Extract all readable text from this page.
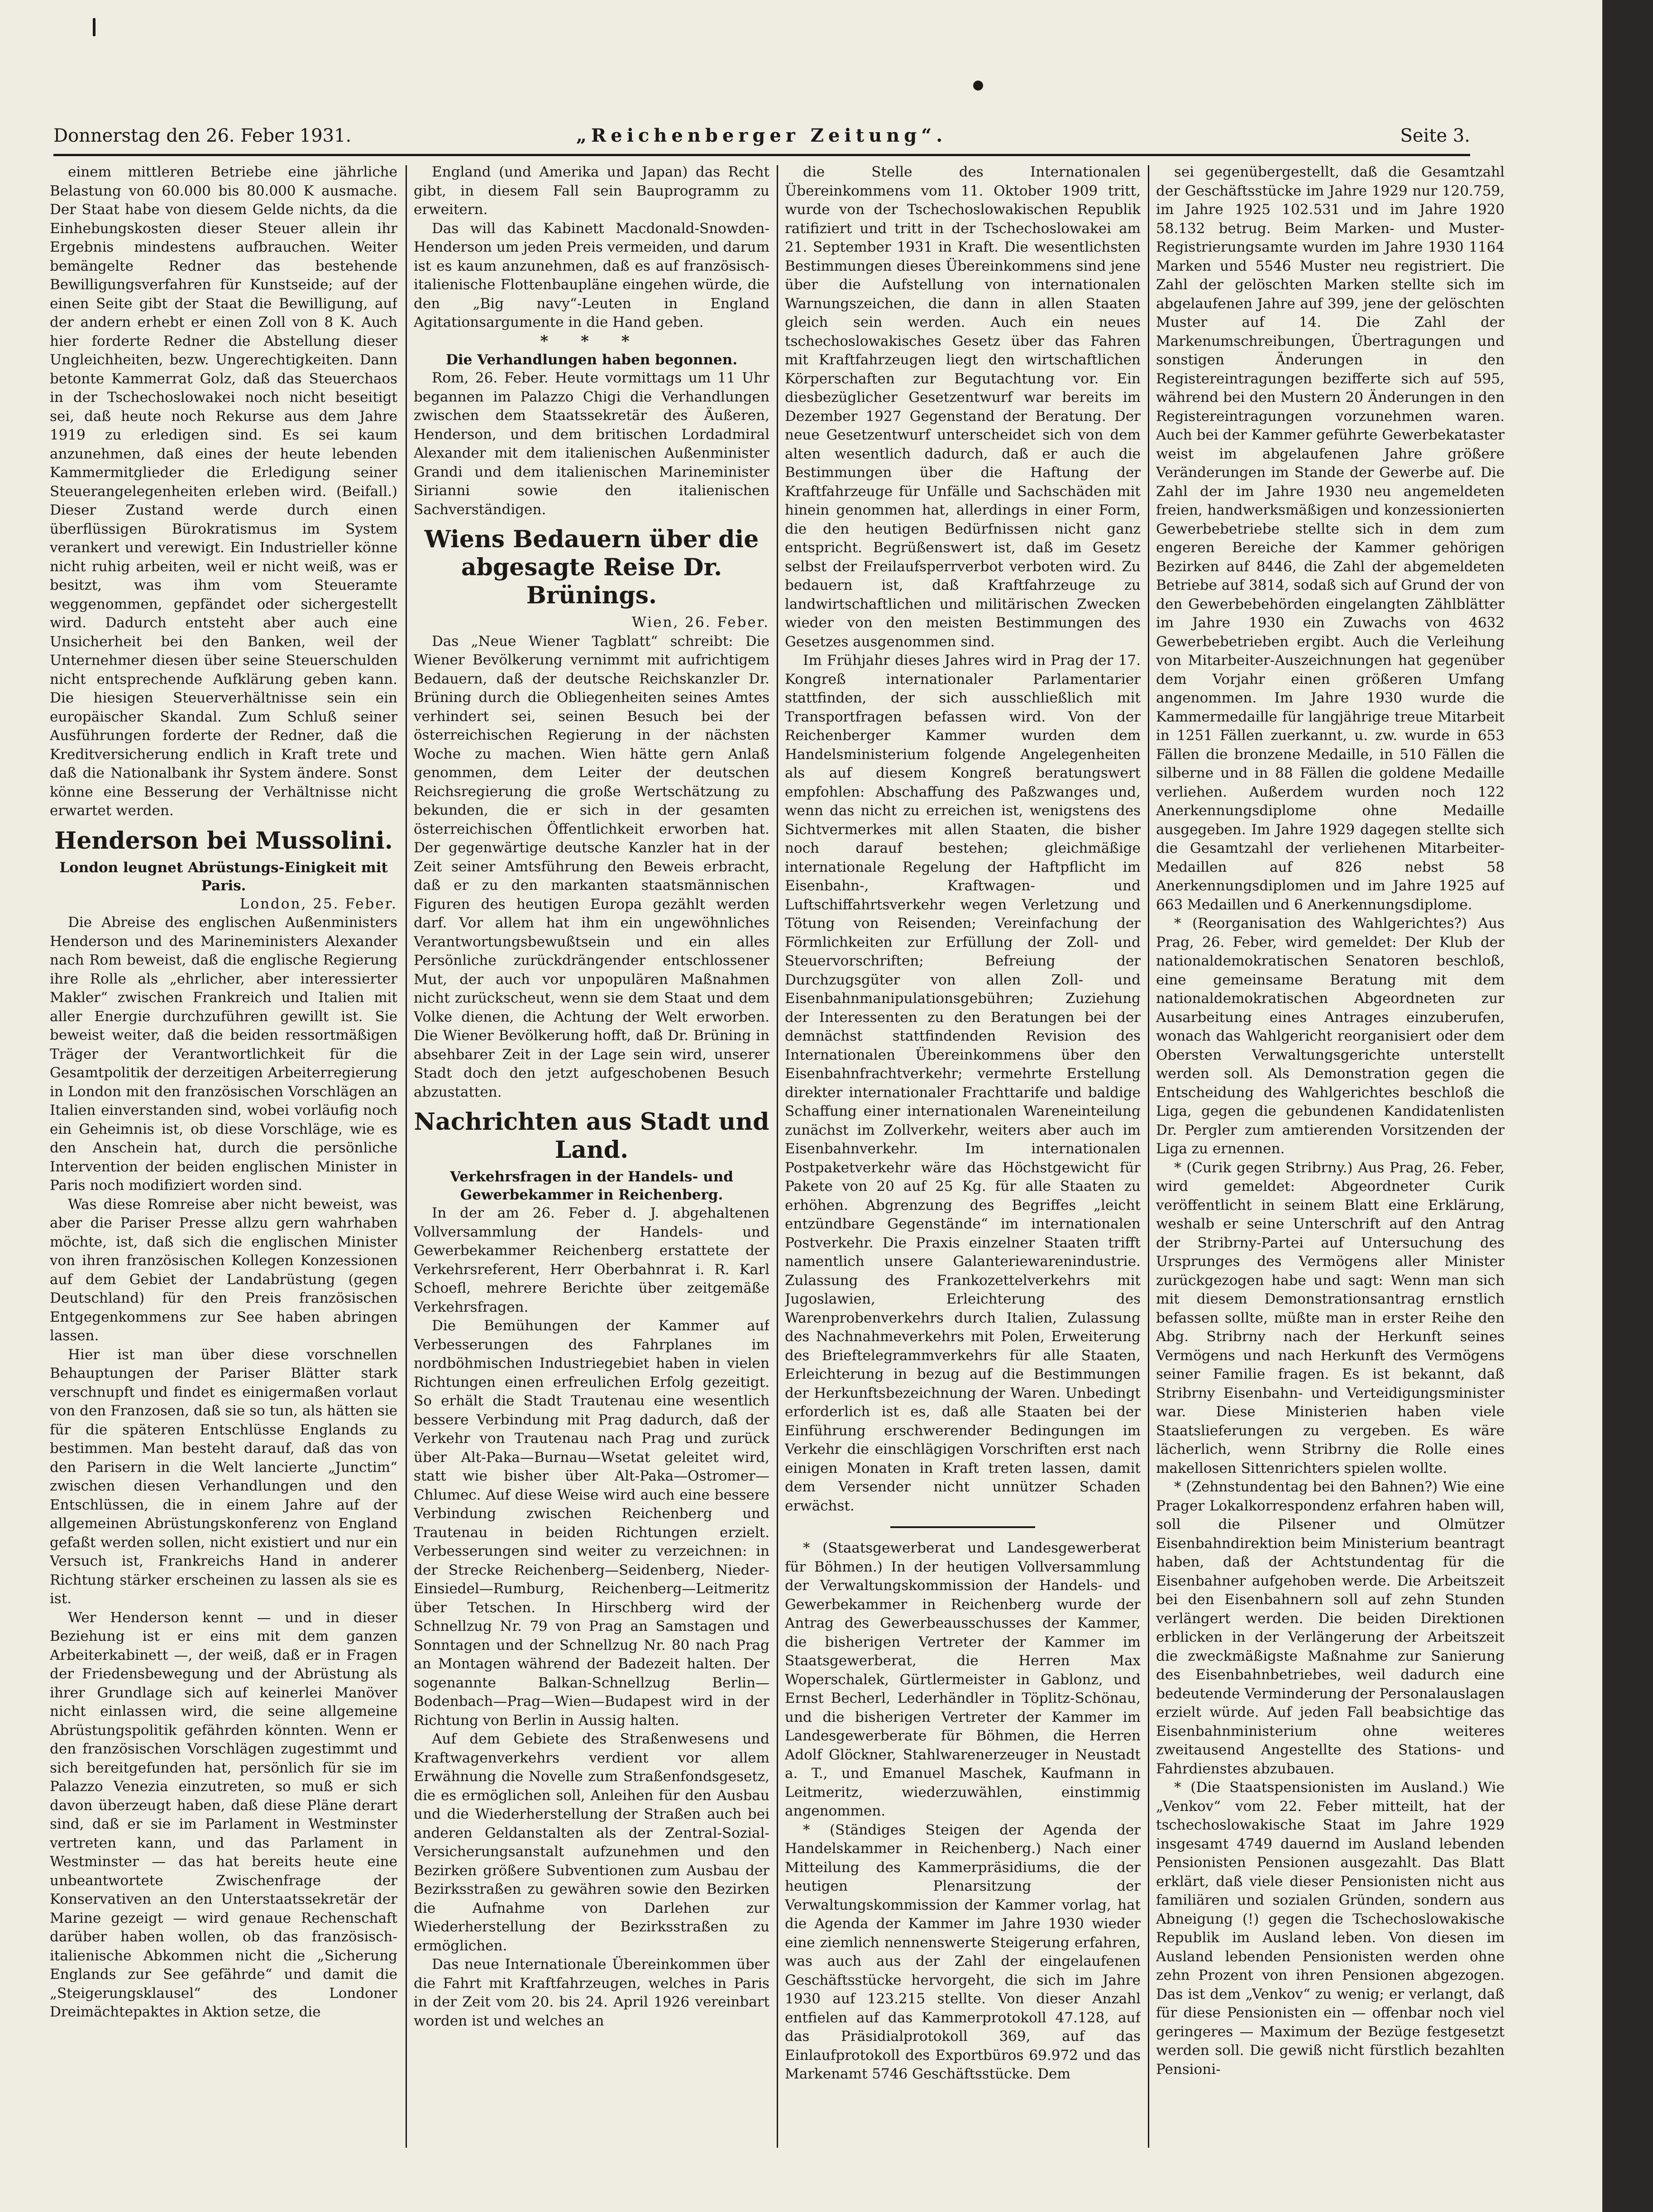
Donnerstag den 26. Feber 1931.	„Reichenberger Zeitung“.	Seite 3.

einem mittleren Betriebe eine jährliche Belastung von 60.000 bis 80.000 K ausmache. Der Staat habe von diesem Gelde nichts, da die Einhebungskosten dieser Steuer allein ihr Ergebnis mindestens aufbrauchen. Weiter bemängelte Redner das bestehende Bewilligungsverfahren für Kunstseide; auf der einen Seite gibt der Staat die Bewilligung, auf der andern erhebt er einen Zoll von 8 K. Auch hier forderte Redner die Abstellung dieser Ungleichheiten, bezw. Ungerechtigkeiten. Dann betonte Kammerrat Golz, daß das Steuerchaos in der Tschechoslowakei noch nicht beseitigt sei, daß heute noch Rekurse aus dem Jahre 1919 zu erledigen sind. Es sei kaum anzunehmen, daß eines der heute lebenden Kammermitglieder die Erledigung seiner Steuerangelegenheiten erleben wird. (Beifall.) Dieser Zustand werde durch einen überflüssigen Bürokratismus im System verankert und verewigt. Ein Industrieller könne nicht ruhig arbeiten, weil er nicht weiß, was er besitzt, was ihm vom Steueramte weggenommen, gepfändet oder sichergestellt wird. Dadurch entsteht aber auch eine Unsicherheit bei den Banken, weil der Unternehmer diesen über seine Steuerschulden nicht entsprechende Aufklärung geben kann. Die hiesigen Steuerverhältnisse sein ein europäischer Skandal. Zum Schluß seiner Ausführungen forderte der Redner, daß die Kreditversicherung endlich in Kraft trete und daß die Nationalbank ihr System ändere. Sonst könne eine Besserung der Verhältnisse nicht erwartet werden.

Henderson bei Mussolini.

London leugnet Abrüstungs-Einigkeit mit Paris.

London, 25. Feber.

Die Abreise des englischen Außenministers Henderson und des Marineministers Alexander nach Rom beweist, daß die englische Regierung ihre Rolle als „ehrlicher, aber interessierter Makler“ zwischen Frankreich und Italien mit aller Energie durchzuführen gewillt ist. Sie beweist weiter, daß die beiden ressortmäßigen Träger der Verantwortlichkeit für die Gesamtpolitik der derzeitigen Arbeiterregierung in London mit den französischen Vorschlägen an Italien einverstanden sind, wobei vorläufig noch ein Geheimnis ist, ob diese Vorschläge, wie es den Anschein hat, durch die persönliche Intervention der beiden englischen Minister in Paris noch modifiziert worden sind.

Was diese Romreise aber nicht beweist, was aber die Pariser Presse allzu gern wahrhaben möchte, ist, daß sich die englischen Minister von ihren französischen Kollegen Konzessionen auf dem Gebiet der Landabrüstung (gegen Deutschland) für den Preis französischen Entgegenkommens zur See haben abringen lassen.

Hier ist man über diese vorschnellen Behauptungen der Pariser Blätter stark verschnupft und findet es einigermaßen vorlaut von den Franzosen, daß sie so tun, als hätten sie für die späteren Entschlüsse Englands zu bestimmen. Man besteht darauf, daß das von den Parisern in die Welt lancierte „Junctim“ zwischen diesen Verhandlungen und den Entschlüssen, die in einem Jahre auf der allgemeinen Abrüstungskonferenz von England gefaßt werden sollen, nicht existiert und nur ein Versuch ist, Frankreichs Hand in anderer Richtung stärker erscheinen zu lassen als sie es ist.

Wer Henderson kennt — und in dieser Beziehung ist er eins mit dem ganzen Arbeiterkabinett —, der weiß, daß er in Fragen der Friedensbewegung und der Abrüstung als ihrer Grundlage sich auf keinerlei Manöver nicht einlassen wird, die seine allgemeine Abrüstungspolitik gefährden könnten. Wenn er den französischen Vorschlägen zugestimmt und sich bereitgefunden hat, persönlich für sie im Palazzo Venezia einzutreten, so muß er sich davon überzeugt haben, daß diese Pläne derart sind, daß er sie im Parlament in Westminster vertreten kann, und das Parlament in Westminster — das hat bereits heute eine unbeantwortete Zwischenfrage der Konservativen an den Unterstaatssekretär der Marine gezeigt — wird genaue Rechenschaft darüber haben wollen, ob das französisch-italienische Abkommen nicht die „Sicherung Englands zur See gefährde“ und damit die „Steigerungsklausel“ des Londoner Dreimächtepaktes in Aktion setze, die

England (und Amerika und Japan) das Recht gibt, in diesem Fall sein Bauprogramm zu erweitern.

Das will das Kabinett Macdonald-Snowden-Henderson um jeden Preis vermeiden, und darum ist es kaum anzunehmen, daß es auf französisch-italienische Flottenbaupläne eingehen würde, die den „Big navy“-Leuten in England Agitationsargumente in die Hand geben.

* * *

Die Verhandlungen haben begonnen.

Rom, 26. Feber. Heute vormittags um 11 Uhr begannen im Palazzo Chigi die Verhandlungen zwischen dem Staatssekretär des Äußeren, Henderson, und dem britischen Lordadmiral Alexander mit dem italienischen Außenminister Grandi und dem italienischen Marineminister Sirianni sowie den italienischen Sachverständigen.

Wiens Bedauern über die abgesagte Reise Dr. Brünings.

Wien, 26. Feber.

Das „Neue Wiener Tagblatt“ schreibt: Die Wiener Bevölkerung vernimmt mit aufrichtigem Bedauern, daß der deutsche Reichskanzler Dr. Brüning durch die Obliegenheiten seines Amtes verhindert sei, seinen Besuch bei der österreichischen Regierung in der nächsten Woche zu machen. Wien hätte gern Anlaß genommen, dem Leiter der deutschen Reichsregierung die große Wertschätzung zu bekunden, die er sich in der gesamten österreichischen Öffentlichkeit erworben hat. Der gegenwärtige deutsche Kanzler hat in der Zeit seiner Amtsführung den Beweis erbracht, daß er zu den markanten staatsmännischen Figuren des heutigen Europa gezählt werden darf. Vor allem hat ihm ein ungewöhnliches Verantwortungsbewußtsein und ein alles Persönliche zurückdrängender entschlossener Mut, der auch vor unpopulären Maßnahmen nicht zurückscheut, wenn sie dem Staat und dem Volke dienen, die Achtung der Welt erworben. Die Wiener Bevölkerung hofft, daß Dr. Brüning in absehbarer Zeit in der Lage sein wird, unserer Stadt doch den jetzt aufgeschobenen Besuch abzustatten.

Nachrichten aus Stadt und Land.

Verkehrsfragen in der Handels- und Gewerbekammer in Reichenberg.

In der am 26. Feber d. J. abgehaltenen Vollversammlung der Handels- und Gewerbekammer Reichenberg erstattete der Verkehrsreferent, Herr Oberbahnrat i. R. Karl Schoefl, mehrere Berichte über zeitgemäße Verkehrsfragen.

Die Bemühungen der Kammer auf Verbesserungen des Fahrplanes im nordböhmischen Industriegebiet haben in vielen Richtungen einen erfreulichen Erfolg gezeitigt. So erhält die Stadt Trautenau eine wesentlich bessere Verbindung mit Prag dadurch, daß der Verkehr von Trautenau nach Prag und zurück über Alt-Paka—Burnau—Wsetat geleitet wird, statt wie bisher über Alt-Paka—Ostromer—Chlumec. Auf diese Weise wird auch eine bessere Verbindung zwischen Reichenberg und Trautenau in beiden Richtungen erzielt. Verbesserungen sind weiter zu verzeichnen: in der Strecke Reichenberg—Seidenberg, Nieder-Einsiedel—Rumburg, Reichenberg—Leitmeritz über Tetschen. In Hirschberg wird der Schnellzug Nr. 79 von Prag an Samstagen und Sonntagen und der Schnellzug Nr. 80 nach Prag an Montagen während der Badezeit halten. Der sogenannte Balkan-Schnellzug Berlin—Bodenbach—Prag—Wien—Budapest wird in der Richtung von Berlin in Aussig halten.

Auf dem Gebiete des Straßenwesens und Kraftwagenverkehrs verdient vor allem Erwähnung die Novelle zum Straßenfondsgesetz, die es ermöglichen soll, Anleihen für den Ausbau und die Wiederherstellung der Straßen auch bei anderen Geldanstalten als der Zentral-Sozial-Versicherungsanstalt aufzunehmen und den Bezirken größere Subventionen zum Ausbau der Bezirksstraßen zu gewähren sowie den Bezirken die Aufnahme von Darlehen zur Wiederherstellung der Bezirksstraßen zu ermöglichen.

Das neue Internationale Übereinkommen über die Fahrt mit Kraftfahrzeugen, welches in Paris in der Zeit vom 20. bis 24. April 1926 vereinbart worden ist und welches an

die Stelle des Internationalen Übereinkommens vom 11. Oktober 1909 tritt, wurde von der Tschechoslowakischen Republik ratifiziert und tritt in der Tschechoslowakei am 21. September 1931 in Kraft. Die wesentlichsten Bestimmungen dieses Übereinkommens sind jene über die Aufstellung von internationalen Warnungszeichen, die dann in allen Staaten gleich sein werden. Auch ein neues tschechoslowakisches Gesetz über das Fahren mit Kraftfahrzeugen liegt den wirtschaftlichen Körperschaften zur Begutachtung vor. Ein diesbezüglicher Gesetzentwurf war bereits im Dezember 1927 Gegenstand der Beratung. Der neue Gesetzentwurf unterscheidet sich von dem alten wesentlich dadurch, daß er auch die Bestimmungen über die Haftung der Kraftfahrzeuge für Unfälle und Sachschäden mit hinein genommen hat, allerdings in einer Form, die den heutigen Bedürfnissen nicht ganz entspricht. Begrüßenswert ist, daß im Gesetz selbst der Freilaufsperrverbot verboten wird. Zu bedauern ist, daß Kraftfahrzeuge zu landwirtschaftlichen und militärischen Zwecken wieder von den meisten Bestimmungen des Gesetzes ausgenommen sind.

Im Frühjahr dieses Jahres wird in Prag der 17. Kongreß internationaler Parlamentarier stattfinden, der sich ausschließlich mit Transportfragen befassen wird. Von der Reichenberger Kammer wurden dem Handelsministerium folgende Angelegenheiten als auf diesem Kongreß beratungswert empfohlen: Abschaffung des Paßzwanges und, wenn das nicht zu erreichen ist, wenigstens des Sichtvermerkes mit allen Staaten, die bisher noch darauf bestehen; gleichmäßige internationale Regelung der Haftpflicht im Eisenbahn-, Kraftwagen- und Luftschiffahrtsverkehr wegen Verletzung und Tötung von Reisenden; Vereinfachung der Förmlichkeiten zur Erfüllung der Zoll- und Steuervorschriften; Befreiung der Durchzugsgüter von allen Zoll- und Eisenbahnmanipulationsgebühren; Zuziehung der Interessenten zu den Beratungen bei der demnächst stattfindenden Revision des Internationalen Übereinkommens über den Eisenbahnfrachtverkehr; vermehrte Erstellung direkter internationaler Frachttarife und baldige Schaffung einer internationalen Wareneinteilung zunächst im Zollverkehr, weiters aber auch im Eisenbahnverkehr. Im internationalen Postpaketverkehr wäre das Höchstgewicht für Pakete von 20 auf 25 Kg. für alle Staaten zu erhöhen. Abgrenzung des Begriffes „leicht entzündbare Gegenstände“ im internationalen Postverkehr. Die Praxis einzelner Staaten trifft namentlich unsere Galanteriewarenindustrie. Zulassung des Frankozettelverkehrs mit Jugoslawien, Erleichterung des Warenprobenverkehrs durch Italien, Zulassung des Nachnahmeverkehrs mit Polen, Erweiterung des Brieftelegrammverkehrs für alle Staaten, Erleichterung in bezug auf die Bestimmungen der Herkunftsbezeichnung der Waren. Unbedingt erforderlich ist es, daß alle Staaten bei der Einführung erschwerender Bedingungen im Verkehr die einschlägigen Vorschriften erst nach einigen Monaten in Kraft treten lassen, damit dem Versender nicht unnützer Schaden erwächst.

* (Staatsgewerberat und Landesgewerberat für Böhmen.) In der heutigen Vollversammlung der Verwaltungskommission der Handels- und Gewerbekammer in Reichenberg wurde der Antrag des Gewerbeausschusses der Kammer, die bisherigen Vertreter der Kammer im Staatsgewerberat, die Herren Max Woperschalek, Gürtlermeister in Gablonz, und Ernst Becherl, Lederhändler in Töplitz-Schönau, und die bisherigen Vertreter der Kammer im Landesgewerberate für Böhmen, die Herren Adolf Glöckner, Stahlwarenerzeuger in Neustadt a. T., und Emanuel Maschek, Kaufmann in Leitmeritz, wiederzuwählen, einstimmig angenommen.

* (Ständiges Steigen der Agenda der Handelskammer in Reichenberg.) Nach einer Mitteilung des Kammerpräsidiums, die der heutigen Plenarsitzung der Verwaltungskommission der Kammer vorlag, hat die Agenda der Kammer im Jahre 1930 wieder eine ziemlich nennenswerte Steigerung erfahren, was auch aus der Zahl der eingelaufenen Geschäftsstücke hervorgeht, die sich im Jahre 1930 auf 123.215 stellte. Von dieser Anzahl entfielen auf das Kammerprotokoll 47.128, auf das Präsidialprotokoll 369, auf das Einlaufprotokoll des Exportbüros 69.972 und das Markenamt 5746 Geschäftsstücke. Dem

sei gegenübergestellt, daß die Gesamtzahl der Geschäftsstücke im Jahre 1929 nur 120.759, im Jahre 1925 102.531 und im Jahre 1920 58.132 betrug. Beim Marken- und Muster-Registrierungsamte wurden im Jahre 1930 1164 Marken und 5546 Muster neu registriert. Die Zahl der gelöschten Marken stellte sich im abgelaufenen Jahre auf 399, jene der gelöschten Muster auf 14. Die Zahl der Markenumschreibungen, Übertragungen und sonstigen Änderungen in den Registereintragungen bezifferte sich auf 595, während bei den Mustern 20 Änderungen in den Registereintragungen vorzunehmen waren. Auch bei der Kammer geführte Gewerbekataster weist im abgelaufenen Jahre größere Veränderungen im Stande der Gewerbe auf. Die Zahl der im Jahre 1930 neu angemeldeten freien, handwerksmäßigen und konzessionierten Gewerbebetriebe stellte sich in dem zum engeren Bereiche der Kammer gehörigen Bezirken auf 8446, die Zahl der abgemeldeten Betriebe auf 3814, sodaß sich auf Grund der von den Gewerbebehörden eingelangten Zählblätter im Jahre 1930 ein Zuwachs von 4632 Gewerbebetrieben ergibt. Auch die Verleihung von Mitarbeiter-Auszeichnungen hat gegenüber dem Vorjahr einen größeren Umfang angenommen. Im Jahre 1930 wurde die Kammermedaille für langjährige treue Mitarbeit in 1251 Fällen zuerkannt, u. zw. wurde in 653 Fällen die bronzene Medaille, in 510 Fällen die silberne und in 88 Fällen die goldene Medaille verliehen. Außerdem wurden noch 122 Anerkennungsdiplome ohne Medaille ausgegeben. Im Jahre 1929 dagegen stellte sich die Gesamtzahl der verliehenen Mitarbeiter-Medaillen auf 826 nebst 58 Anerkennungsdiplomen und im Jahre 1925 auf 663 Medaillen und 6 Anerkennungsdiplome.

* (Reorganisation des Wahlgerichtes?) Aus Prag, 26. Feber, wird gemeldet: Der Klub der nationaldemokratischen Senatoren beschloß, eine gemeinsame Beratung mit dem nationaldemokratischen Abgeordneten zur Ausarbeitung eines Antrages einzuberufen, wonach das Wahlgericht reorganisiert oder dem Obersten Verwaltungsgerichte unterstellt werden soll. Als Demonstration gegen die Entscheidung des Wahlgerichtes beschloß die Liga, gegen die gebundenen Kandidatenlisten Dr. Pergler zum amtierenden Vorsitzenden der Liga zu ernennen.

* (Curik gegen Stribrny.) Aus Prag, 26. Feber, wird gemeldet: Abgeordneter Curik veröffentlicht in seinem Blatt eine Erklärung, weshalb er seine Unterschrift auf den Antrag der Stribrny-Partei auf Untersuchung des Ursprunges des Vermögens aller Minister zurückgezogen habe und sagt: Wenn man sich mit diesem Demonstrationsantrag ernstlich befassen sollte, müßte man in erster Reihe den Abg. Stribrny nach der Herkunft seines Vermögens und nach Herkunft des Vermögens seiner Familie fragen. Es ist bekannt, daß Stribrny Eisenbahn- und Verteidigungsminister war. Diese Ministerien haben viele Staatslieferungen zu vergeben. Es wäre lächerlich, wenn Stribrny die Rolle eines makellosen Sittenrichters spielen wollte.

* (Zehnstundentag bei den Bahnen?) Wie eine Prager Lokalkorrespondenz erfahren haben will, soll die Pilsener und Olmützer Eisenbahndirektion beim Ministerium beantragt haben, daß der Achtstundentag für die Eisenbahner aufgehoben werde. Die Arbeitszeit bei den Eisenbahnern soll auf zehn Stunden verlängert werden. Die beiden Direktionen erblicken in der Verlängerung der Arbeitszeit die zweckmäßigste Maßnahme zur Sanierung des Eisenbahnbetriebes, weil dadurch eine bedeutende Verminderung der Personalauslagen erzielt würde. Auf jeden Fall beabsichtige das Eisenbahnministerium ohne weiteres zweitausend Angestellte des Stations- und Fahrdienstes abzubauen.

* (Die Staatspensionisten im Ausland.) Wie „Venkov“ vom 22. Feber mitteilt, hat der tschechoslowakische Staat im Jahre 1929 insgesamt 4749 dauernd im Ausland lebenden Pensionisten Pensionen ausgezahlt. Das Blatt erklärt, daß viele dieser Pensionisten nicht aus familiären und sozialen Gründen, sondern aus Abneigung (!) gegen die Tschechoslowakische Republik im Ausland leben. Von diesen im Ausland lebenden Pensionisten werden ohne zehn Prozent von ihren Pensionen abgezogen. Das ist dem „Venkov“ zu wenig; er verlangt, daß für diese Pensionisten ein — offenbar noch viel geringeres — Maximum der Bezüge festgesetzt werden soll. Die gewiß nicht fürstlich bezahlten Pensioni-
